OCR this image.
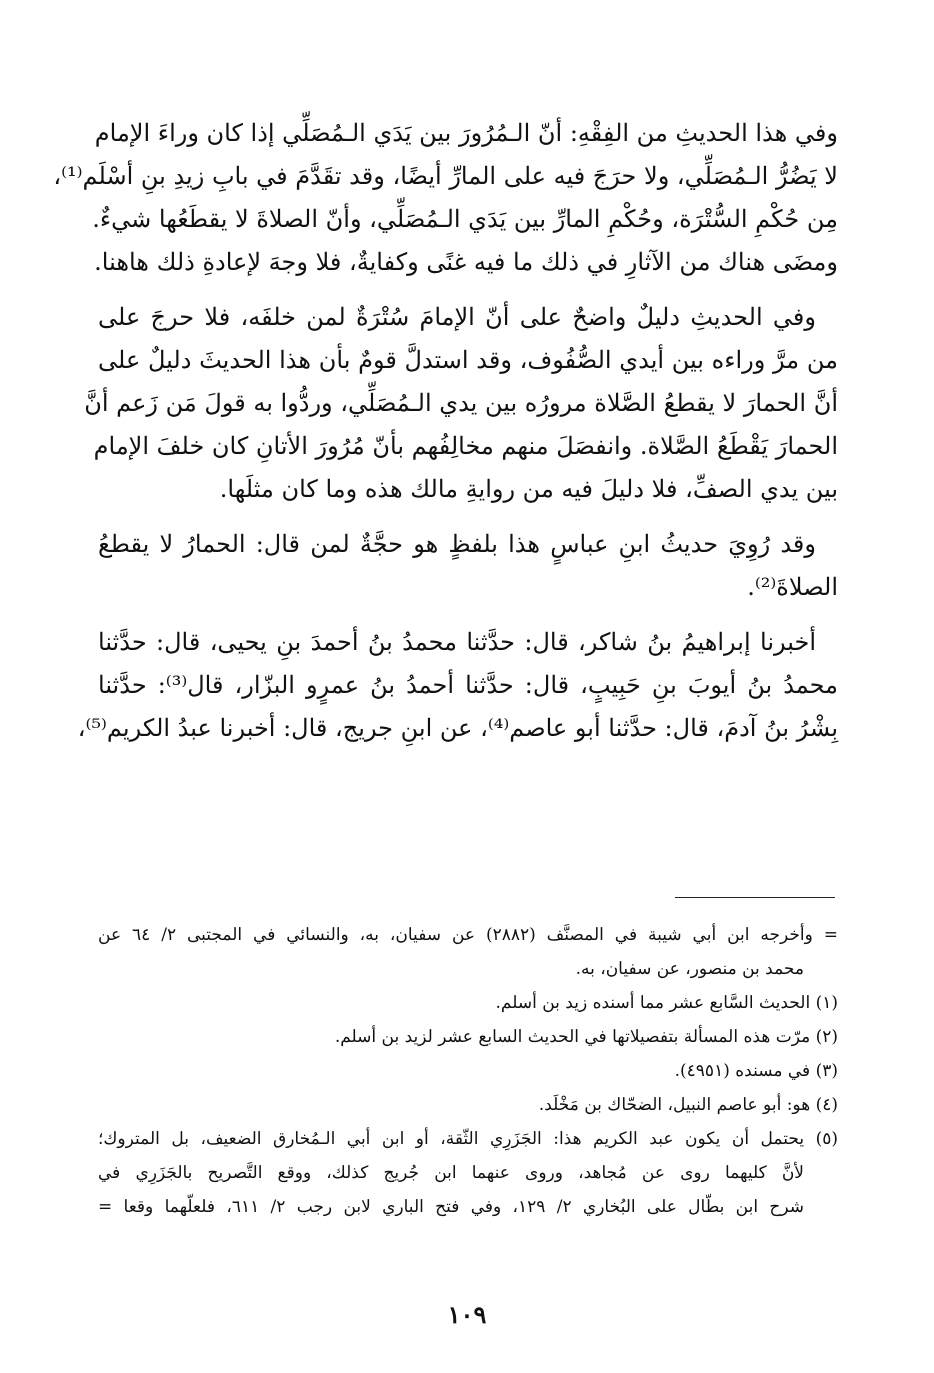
وفي هذا الحديثِ من الفِقْهِ: أنّ الـمُرُورَ بين يَدَي الـمُصَلِّي إذا كان وراءَ الإمام
لا يَضُرُّ الـمُصَلِّي، ولا حرَجَ فيه على المارِّ أيضًا، وقد تقَدَّمَ في بابِ زيدِ بنِ أسْلَم⁽¹⁾،
مِن حُكْمِ السُّتْرَة، وحُكْمِ المارِّ بين يَدَي الـمُصَلِّي، وأنّ الصلاةَ لا يقطَعُها شيءٌ.
ومضَى هناك من الآثارِ في ذلك ما فيه غنًى وكفايةٌ، فلا وجهَ لإعادةِ ذلك هاهنا.
وفي الحديثِ دليلٌ واضحٌ على أنّ الإمامَ سُتْرَةٌ لمن خلفَه، فلا حرجَ على
من مرَّ وراءه بين أيدي الصُّفُوف، وقد استدلَّ قومٌ بأن هذا الحديثَ دليلٌ على
أنَّ الحمارَ لا يقطعُ الصَّلاة مرورُه بين يدي الـمُصَلِّي، وردُّوا به قولَ مَن زَعم أنَّ
الحمارَ يَقْطَعُ الصَّلاة. وانفصَلَ منهم مخالِفُهم بأنّ مُرُورَ الأتانِ كان خلفَ الإمام
بين يدي الصفِّ، فلا دليلَ فيه من روايةِ مالك هذه وما كان مثلَها.
وقد رُوِيَ حديثُ ابنِ عباسٍ هذا بلفظٍ هو حجَّةٌ لمن قال: الحمارُ لا يقطعُ
الصلاةَ⁽²⁾.
أخبرنا إبراهيمُ بنُ شاكر، قال: حدَّثنا محمدُ بنُ أحمدَ بنِ يحيى، قال: حدَّثنا
محمدُ بنُ أيوبَ بنِ حَبِيبٍ، قال: حدَّثنا أحمدُ بنُ عمرٍو البزّار، قال⁽³⁾: حدَّثنا
بِشْرُ بنُ آدمَ، قال: حدَّثنا أبو عاصم⁽⁴⁾، عن ابنِ جريج، قال: أخبرنا عبدُ الكريم⁽⁵⁾،
= وأخرجه ابن أبي شيبة في المصنَّف (٢٨٨٢) عن سفيان، به، والنسائي في المجتبى ٢/ ٦٤ عن
محمد بن منصور، عن سفيان، به.
(١) الحديث السَّابع عشر مما أسنده زيد بن أسلم.
(٢) مرّت هذه المسألة بتفصيلاتها في الحديث السابع عشر لزيد بن أسلم.
(٣) في مسنده (٤٩٥١).
(٤) هو: أبو عاصم النبيل، الضحّاك بن مَخْلَد.
(٥) يحتمل أن يكون عبد الكريم هذا: الجَزَرِي الثّقة، أو ابن أبي الـمُخارق الضعيف، بل المتروك؛
لأنَّ كليهما روى عن مُجاهد، وروى عنهما ابن جُريج كذلك، ووقع التَّصريح بالجَزَرِي في
شرح ابن بطّال على البُخاري ٢/ ١٢٩، وفي فتح الباري لابن رجب ٢/ ٦١١، فلعلّهما وقعا =
١٠٩
